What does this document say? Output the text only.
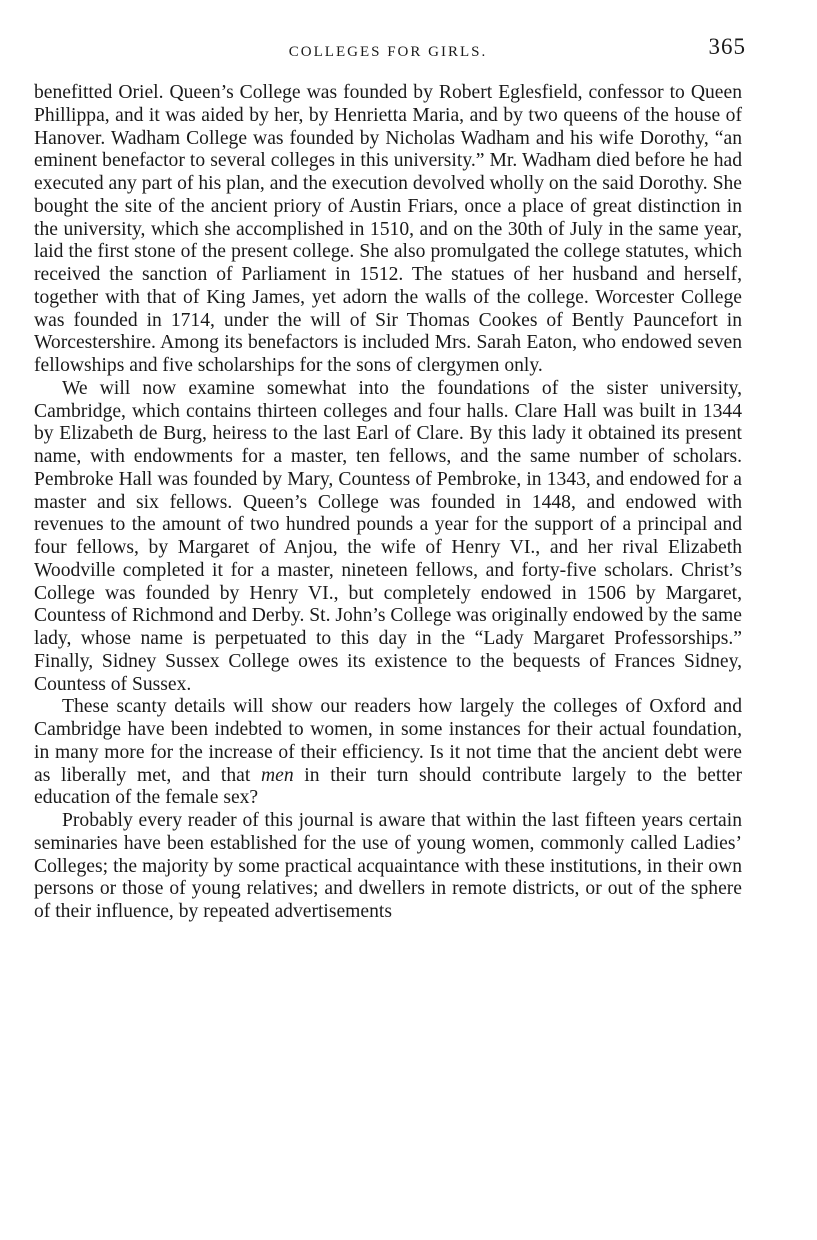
COLLEGES FOR GIRLS.	365

benefitted Oriel. Queen’s College was founded by Robert Eglesfield, confessor to Queen Phillippa, and it was aided by her, by Henrietta Maria, and by two queens of the house of Hanover. Wadham College was founded by Nicholas Wadham and his wife Dorothy, “an eminent benefactor to several colleges in this university.” Mr. Wadham died before he had executed any part of his plan, and the execution devolved wholly on the said Dorothy. She bought the site of the ancient priory of Austin Friars, once a place of great distinction in the university, which she accomplished in 1510, and on the 30th of July in the same year, laid the first stone of the present college. She also promulgated the college statutes, which received the sanction of Parliament in 1512. The statues of her husband and herself, together with that of King James, yet adorn the walls of the college. Worcester College was founded in 1714, under the will of Sir Thomas Cookes of Bently Pauncefort in Worcestershire. Among its benefactors is included Mrs. Sarah Eaton, who endowed seven fellowships and five scholarships for the sons of clergymen only.

We will now examine somewhat into the foundations of the sister university, Cambridge, which contains thirteen colleges and four halls. Clare Hall was built in 1344 by Elizabeth de Burg, heiress to the last Earl of Clare. By this lady it obtained its present name, with endowments for a master, ten fellows, and the same number of scholars. Pembroke Hall was founded by Mary, Countess of Pembroke, in 1343, and endowed for a master and six fellows. Queen’s College was founded in 1448, and endowed with revenues to the amount of two hundred pounds a year for the support of a principal and four fellows, by Margaret of Anjou, the wife of Henry VI., and her rival Elizabeth Woodville completed it for a master, nineteen fellows, and forty-five scholars. Christ’s College was founded by Henry VI., but completely endowed in 1506 by Margaret, Countess of Richmond and Derby. St. John’s College was originally endowed by the same lady, whose name is perpetuated to this day in the “Lady Margaret Professorships.” Finally, Sidney Sussex College owes its existence to the bequests of Frances Sidney, Countess of Sussex.

These scanty details will show our readers how largely the colleges of Oxford and Cambridge have been indebted to women, in some instances for their actual foundation, in many more for the increase of their efficiency. Is it not time that the ancient debt were as liberally met, and that men in their turn should contribute largely to the better education of the female sex?

Probably every reader of this journal is aware that within the last fifteen years certain seminaries have been established for the use of young women, commonly called Ladies’ Colleges; the majority by some practical acquaintance with these institutions, in their own persons or those of young relatives; and dwellers in remote districts, or out of the sphere of their influence, by repeated advertisements
